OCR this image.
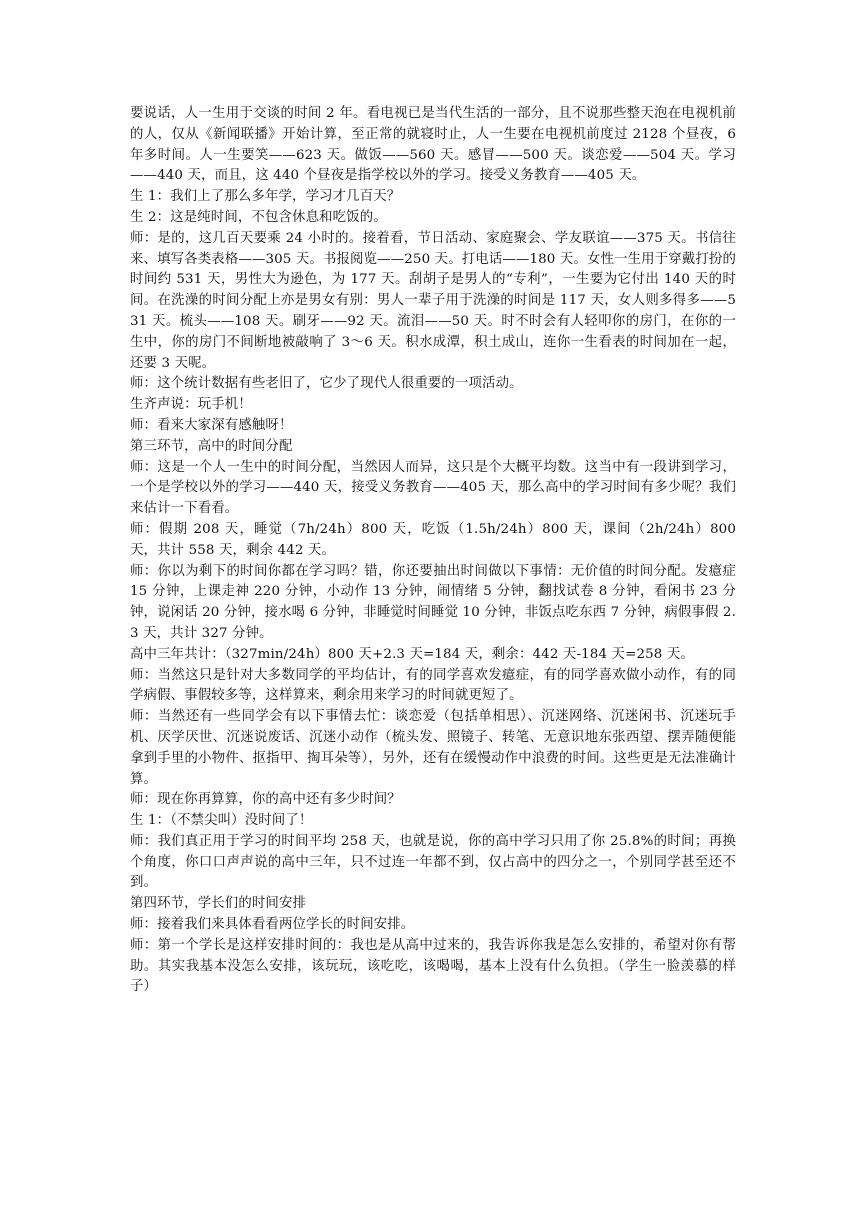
要说话，人一生用于交谈的时间 2 年。看电视已是当代生活的一部分，且不说那些整天泡在电视机前的人，仅从《新闻联播》开始计算，至正常的就寝时止，人一生要在电视机前度过 2128 个昼夜，6 年多时间。人一生要笑——623 天。做饭——560 天。感冒——500 天。谈恋爱——504 天。学习——440 天，而且，这 440 个昼夜是指学校以外的学习。接受义务教育——405 天。

生 1：我们上了那么多年学，学习才几百天？

生 2：这是纯时间，不包含休息和吃饭的。

师：是的，这几百天要乘 24 小时的。接着看，节日活动、家庭聚会、学友联谊——375 天。书信往来、填写各类表格——305 天。书报阅览——250 天。打电话——180 天。女性一生用于穿戴打扮的时间约 531 天，男性大为逊色，为 177 天。刮胡子是男人的“专利”，一生要为它付出 140 天的时间。在洗澡的时间分配上亦是男女有别：男人一辈子用于洗澡的时间是 117 天，女人则多得多——531 天。梳头——108 天。刷牙——92 天。流泪——50 天。时不时会有人轻叩你的房门，在你的一生中，你的房门不间断地被敲响了 3～6 天。积水成潭，积土成山，连你一生看表的时间加在一起，还要 3 天呢。

师：这个统计数据有些老旧了，它少了现代人很重要的一项活动。

生齐声说：玩手机！

师：看来大家深有感触呀！

第三环节，高中的时间分配

师：这是一个人一生中的时间分配，当然因人而异，这只是个大概平均数。这当中有一段讲到学习，一个是学校以外的学习——440 天，接受义务教育——405 天，那么高中的学习时间有多少呢？我们来估计一下看看。

师：假期 208 天，睡觉（7h/24h）800 天，吃饭（1.5h/24h）800 天，课间（2h/24h）800 天，共计 558 天，剩余 442 天。

师：你以为剩下的时间你都在学习吗？错，你还要抽出时间做以下事情：无价值的时间分配。发癔症 15 分钟，上课走神 220 分钟，小动作 13 分钟，闹情绪 5 分钟，翻找试卷 8 分钟，看闲书 23 分钟，说闲话 20 分钟，接水喝 6 分钟，非睡觉时间睡觉 10 分钟，非饭点吃东西 7 分钟，病假事假 2.3 天，共计 327 分钟。

高中三年共计：（327min/24h）800 天+2.3 天=184 天，剩余：442 天-184 天=258 天。

师：当然这只是针对大多数同学的平均估计，有的同学喜欢发癔症，有的同学喜欢做小动作，有的同学病假、事假较多等，这样算来，剩余用来学习的时间就更短了。

师：当然还有一些同学会有以下事情去忙：谈恋爱（包括单相思）、沉迷网络、沉迷闲书、沉迷玩手机、厌学厌世、沉迷说废话、沉迷小动作（梳头发、照镜子、转笔、无意识地东张西望、摆弄随便能拿到手里的小物件、抠指甲、掏耳朵等），另外，还有在缓慢动作中浪费的时间。这些更是无法准确计算。

师：现在你再算算，你的高中还有多少时间？

生 1：（不禁尖叫）没时间了！

师：我们真正用于学习的时间平均 258 天，也就是说，你的高中学习只用了你 25.8%的时间；再换个角度，你口口声声说的高中三年，只不过连一年都不到，仅占高中的四分之一，个别同学甚至还不到。

第四环节，学长们的时间安排

师：接着我们来具体看看两位学长的时间安排。

师：第一个学长是这样安排时间的：我也是从高中过来的，我告诉你我是怎么安排的，希望对你有帮助。其实我基本没怎么安排，该玩玩，该吃吃，该喝喝，基本上没有什么负担。（学生一脸羡慕的样子）
